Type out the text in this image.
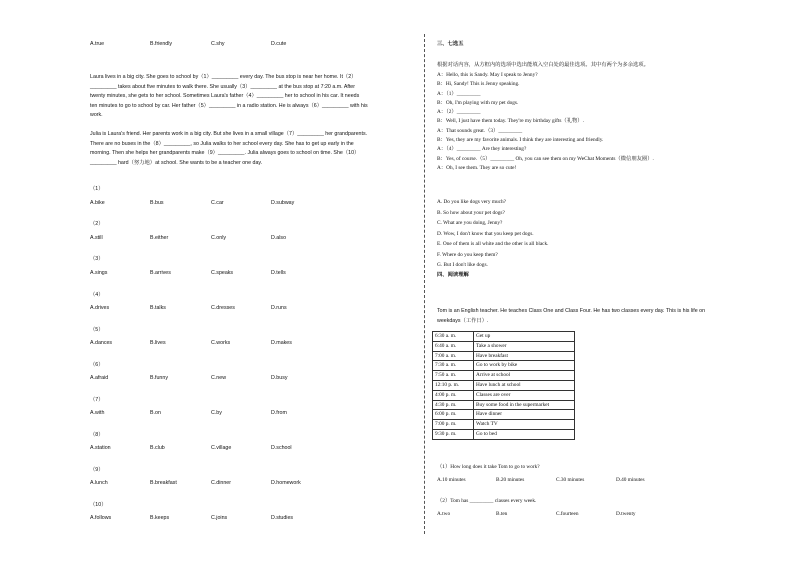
A.true	B.friendly	C.shy	D.cute
Laura lives in a big city. She goes to school by（1）_________ every day. The bus stop is near her home. It（2）
_________ takes about five minutes to walk there. She usually（3）_________ at the bus stop at 7:20 a.m. After
twenty minutes, she gets to her school. Sometimes Laura's father（4）_________ her to school in his car. It needs
ten minutes to go to school by car. Her father（5）_________ in a radio station. He is always（6）_________ with his
work.
Julia is Laura's friend. Her parents work in a big city. But she lives in a small village（7）_________ her grandparents.
There are no buses in the（8）_________, so Julia walks to her school every day. She has to get up early in the
morning. Then she helps her grandparents make（9）_________. Julia always goes to school on time. She（10）
_________ hard（努力地）at school. She wants to be a teacher one day.
（1）
A.bike	B.bus	C.car	D.subway
（2）
A.still	B.either	C.only	D.also
（3）
A.sings	B.arrives	C.speaks	D.tells
（4）
A.drives	B.talks	C.dresses	D.runs
（5）
A.dances	B.lives	C.works	D.makes
（6）
A.afraid	B.funny	C.new	D.busy
（7）
A.with	B.on	C.by	D.from
（8）
A.station	B.club	C.village	D.school
（9）
A.lunch	B.breakfast	C.dinner	D.homework
（10）
A.follows	B.keeps	C.joins	D.studies
三、七选五
根据对话内容，从方框内的选项中选出能填入空白处的最佳选项。其中有两个为多余选项。
A：Hello, this is Sandy. May I speak to Jenny?
B：Hi, Sandy! This is Jenny speaking.
A：（1）_________
B：Oh, I'm playing with my pet dogs.
A：（2）_________
B：Well, I just have them today. They're my birthday gifts（礼物）.
A：That sounds great.（3）_________
B：Yes, they are my favorite animals. I think they are interesting and friendly.
A：（4）_________ Are they interesting?
B：Yes, of course.（5）_________ Oh, you can see them on my WeChat Moments（微信朋友圈）.
A：Oh, I see them. They are so cute!
A. Do you like dogs very much?
B. So how about your pet dogs?
C. What are you doing, Jenny?
D. Wow, I don't know that you keep pet dogs.
E. One of them is all white and the other is all black.
F. Where do you keep them?
G. But I don't like dogs.
四、阅读理解
Tom is an English teacher. He teaches Class One and Class Four. He has two classes every day. This is his life on
weekdays（工作日）.
6:30 a. m.	Get up
6:40 a. m.	Take a shower
7:00 a. m.	Have breakfast
7:30 a. m.	Go to work by bike
7:50 a. m.	Arrive at school
12:10 p. m.	Have lunch at school
4:00 p. m.	Classes are over
4:30 p. m.	Buy some food in the supermarket
6:00 p. m.	Have dinner
7:00 p. m.	Watch TV
9:30 p. m.	Go to bed
（1）How long does it take Tom to go to work?
A.10 minutes	B.20 minutes	C.30 minutes	D.40 minutes
（2）Tom has _________ classes every week.
A.two	B.ten	C.fourteen	D.twenty
